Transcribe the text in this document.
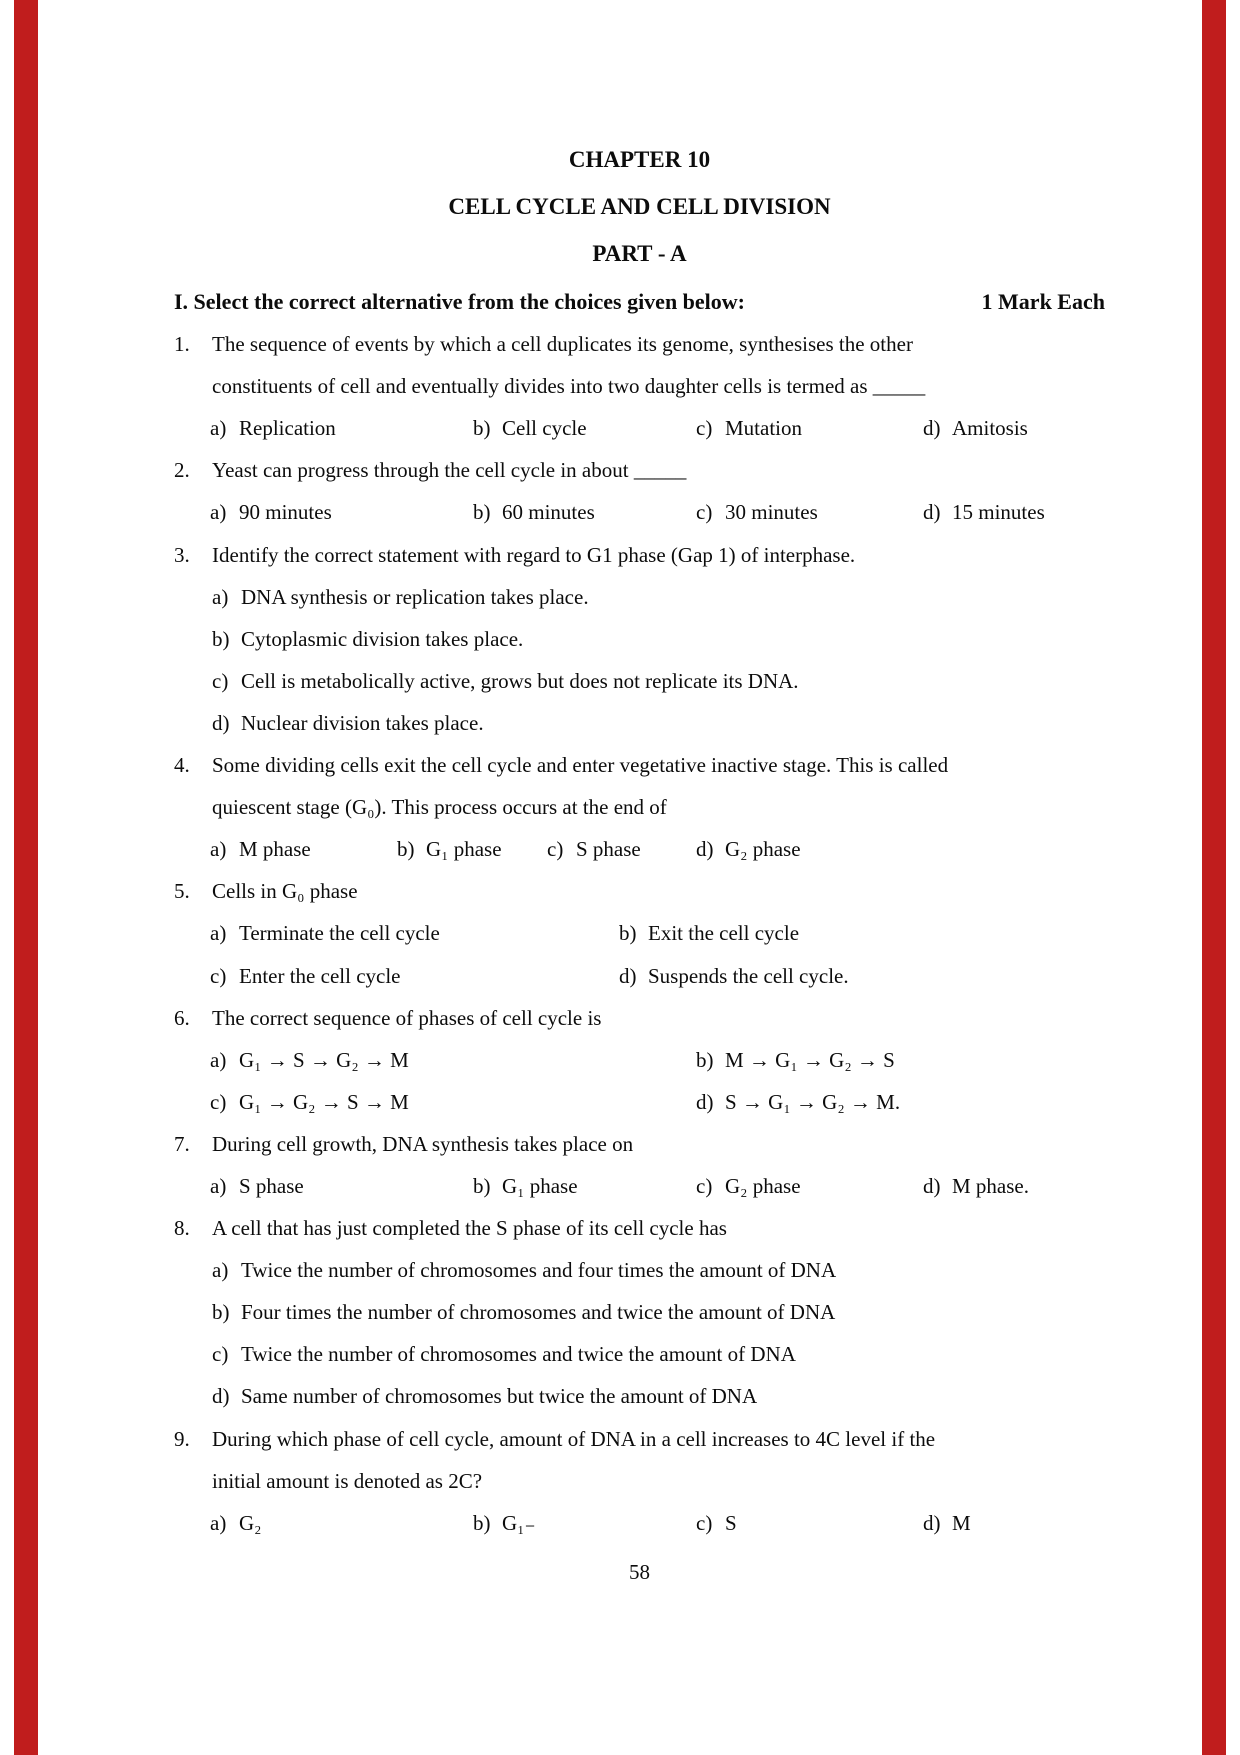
CHAPTER 10
CELL CYCLE AND CELL DIVISION
PART - A
I. Select the correct alternative from the choices given below:	1 Mark Each
1.	The sequence of events by which a cell duplicates its genome, synthesises the other
constituents of cell and eventually divides into two daughter cells is termed as _____
a) Replication	b) Cell cycle	c) Mutation	d) Amitosis
2.	Yeast can progress through the cell cycle in about _____
a) 90 minutes	b) 60 minutes	c) 30 minutes	d) 15 minutes
3.	Identify the correct statement with regard to G1 phase (Gap 1) of interphase.
a) DNA synthesis or replication takes place.
b) Cytoplasmic division takes place.
c) Cell is metabolically active, grows but does not replicate its DNA.
d) Nuclear division takes place.
4.	Some dividing cells exit the cell cycle and enter vegetative inactive stage. This is called
quiescent stage (G₀). This process occurs at the end of
a) M phase	b) G₁ phase	c) S phase	d) G₂ phase
5.	Cells in G₀ phase
a) Terminate the cell cycle	b) Exit the cell cycle
c) Enter the cell cycle	d) Suspends the cell cycle.
6.	The correct sequence of phases of cell cycle is
a) G₁ → S → G₂ → M	b) M → G₁ → G₂ → S
c) G₁ → G₂ → S → M	d) S → G₁ → G₂ → M.
7.	During cell growth, DNA synthesis takes place on
a) S phase	b) G₁ phase	c) G₂ phase	d) M phase.
8.	A cell that has just completed the S phase of its cell cycle has
a) Twice the number of chromosomes and four times the amount of DNA
b) Four times the number of chromosomes and twice the amount of DNA
c) Twice the number of chromosomes and twice the amount of DNA
d) Same number of chromosomes but twice the amount of DNA
9.	During which phase of cell cycle, amount of DNA in a cell increases to 4C level if the
initial amount is denoted as 2C?
a) G₂	b) G₁₋	c) S	d) M
58
